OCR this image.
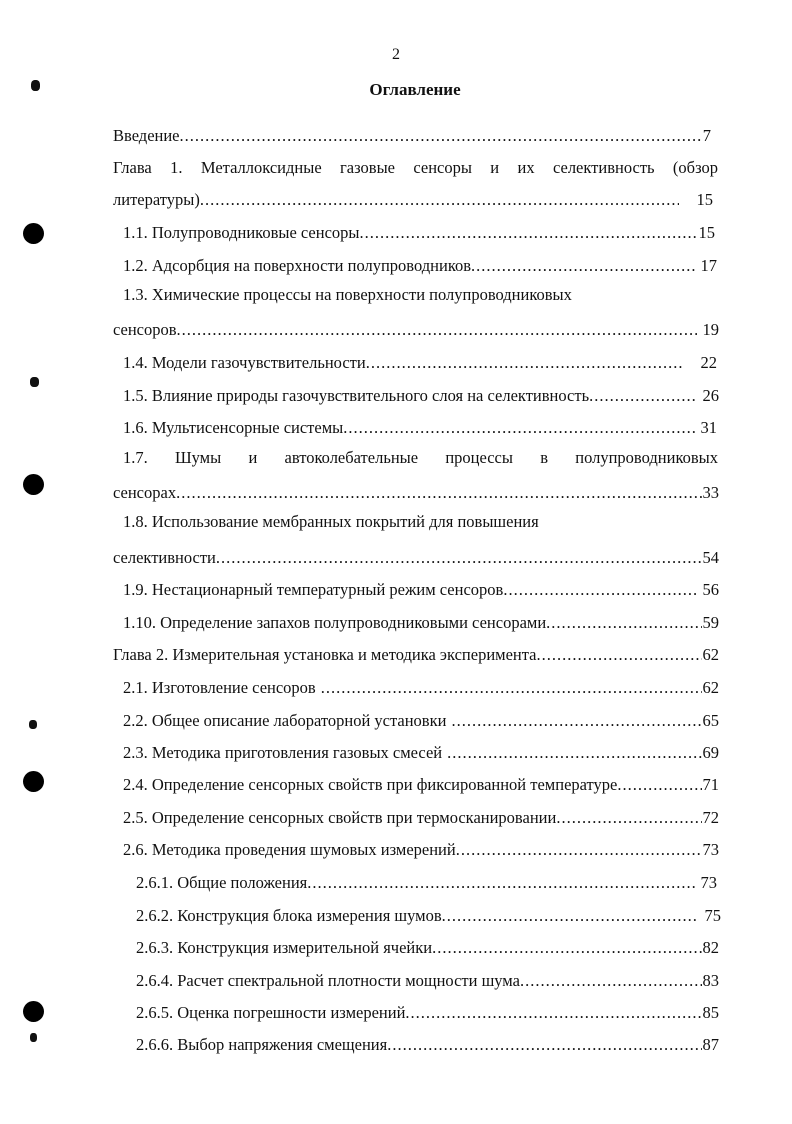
2
Оглавление
Введение .....	7
Глава 1. Металлоксидные газовые сенсоры и их селективность (обзор
литературы) .....	15
1.1. Полупроводниковые сенсоры .....	15
1.2. Адсорбция на поверхности полупроводников .....	17
1.3. Химические процессы на поверхности полупроводниковых
сенсоров .....	19
1.4. Модели газочувствительности .....	22
1.5. Влияние природы газочувствительного слоя на селективность .....	26
1.6. Мультисенсорные системы .....	31
1.7. Шумы и автоколебательные процессы в полупроводниковых
сенсорах .....	33
1.8. Использование мембранных покрытий для повышения
селективности .....	54
1.9. Нестационарный температурный режим сенсоров .....	56
1.10. Определение запахов полупроводниковыми сенсорами .....	59
Глава 2. Измерительная установка и методика эксперимента .....	62
2.1. Изготовление сенсоров .....	62
2.2. Общее описание лабораторной установки .....	65
2.3. Методика приготовления газовых смесей .....	69
2.4. Определение сенсорных свойств при фиксированной температуре .....	71
2.5. Определение сенсорных свойств при термосканировании .....	72
2.6. Методика проведения шумовых измерений .....	73
2.6.1. Общие положения .....	73
2.6.2. Конструкция блока измерения шумов .....	75
2.6.3. Конструкция измерительной ячейки .....	82
2.6.4. Расчет спектральной плотности мощности шума .....	83
2.6.5. Оценка погрешности измерений .....	85
2.6.6. Выбор напряжения смещения .....	87
